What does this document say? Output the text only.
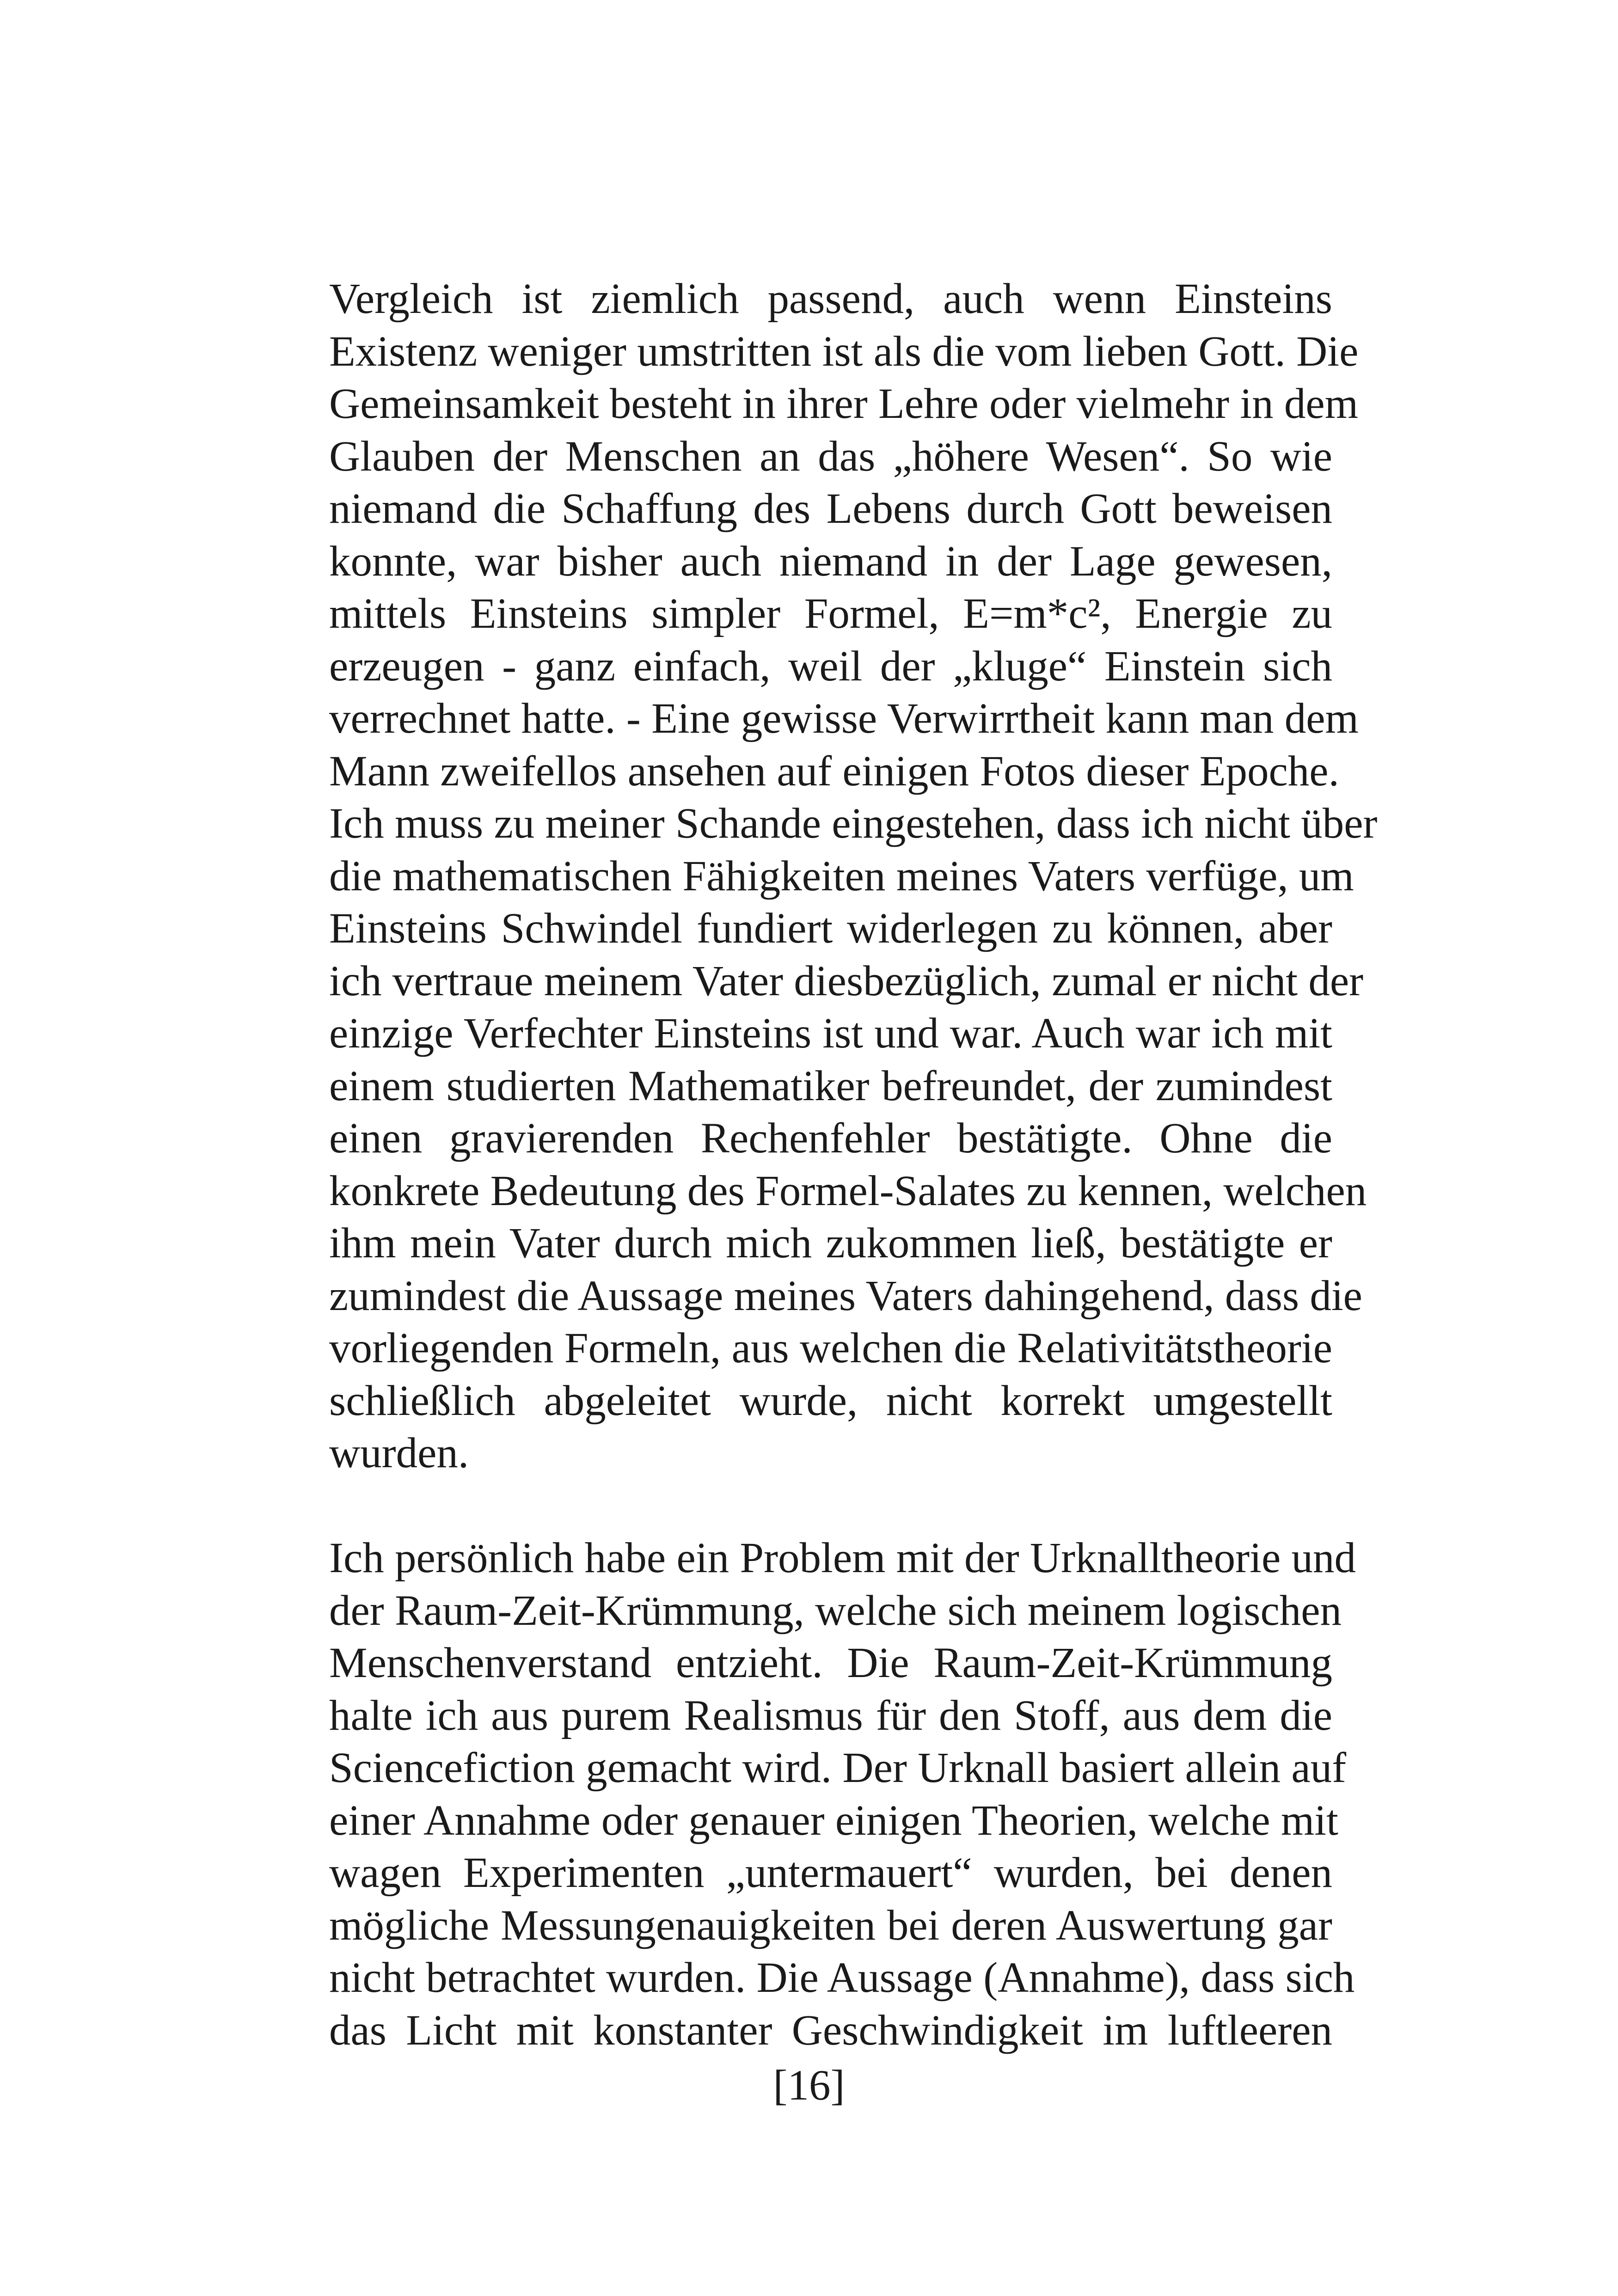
Vergleich ist ziemlich passend, auch wenn Einsteins
Existenz weniger umstritten ist als die vom lieben Gott. Die
Gemeinsamkeit besteht in ihrer Lehre oder vielmehr in dem
Glauben der Menschen an das „höhere Wesen“. So wie
niemand die Schaffung des Lebens durch Gott beweisen
konnte, war bisher auch niemand in der Lage gewesen,
mittels Einsteins simpler Formel, E=m*c², Energie zu
erzeugen - ganz einfach, weil der „kluge“ Einstein sich
verrechnet hatte. - Eine gewisse Verwirrtheit kann man dem
Mann zweifellos ansehen auf einigen Fotos dieser Epoche.
Ich muss zu meiner Schande eingestehen, dass ich nicht über
die mathematischen Fähigkeiten meines Vaters verfüge, um
Einsteins Schwindel fundiert widerlegen zu können, aber
ich vertraue meinem Vater diesbezüglich, zumal er nicht der
einzige Verfechter Einsteins ist und war. Auch war ich mit
einem studierten Mathematiker befreundet, der zumindest
einen gravierenden Rechenfehler bestätigte. Ohne die
konkrete Bedeutung des Formel-Salates zu kennen, welchen
ihm mein Vater durch mich zukommen ließ, bestätigte er
zumindest die Aussage meines Vaters dahingehend, dass die
vorliegenden Formeln, aus welchen die Relativitätstheorie
schließlich abgeleitet wurde, nicht korrekt umgestellt
wurden.
Ich persönlich habe ein Problem mit der Urknalltheorie und
der Raum-Zeit-Krümmung, welche sich meinem logischen
Menschenverstand entzieht. Die Raum-Zeit-Krümmung
halte ich aus purem Realismus für den Stoff, aus dem die
Sciencefiction gemacht wird. Der Urknall basiert allein auf
einer Annahme oder genauer einigen Theorien, welche mit
wagen Experimenten „untermauert“ wurden, bei denen
mögliche Messungenauigkeiten bei deren Auswertung gar
nicht betrachtet wurden. Die Aussage (Annahme), dass sich
das Licht mit konstanter Geschwindigkeit im luftleeren
[16]
